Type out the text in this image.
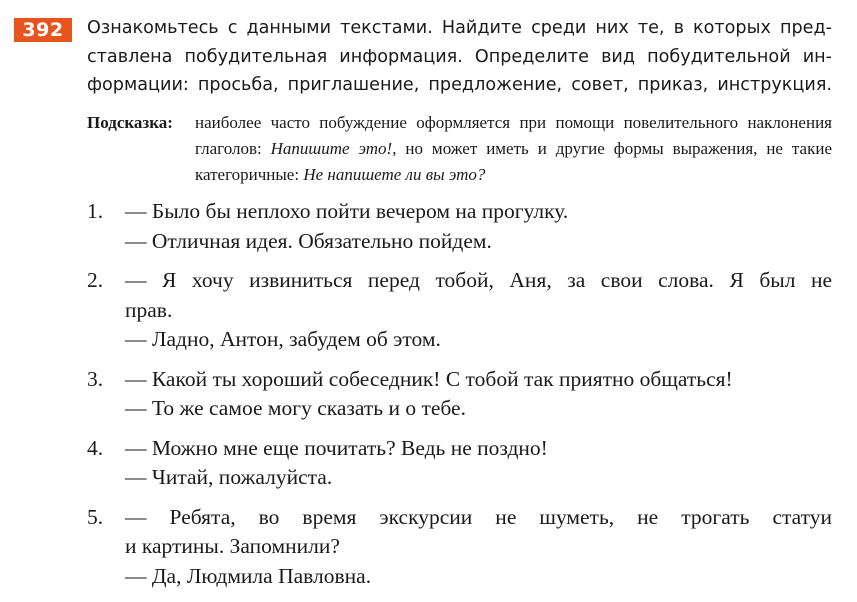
392	Ознакомьтесь с данными текстами. Найдите среди них те, в которых пред-
ставлена побудительная информация. Определите вид побудительной ин-
формации: просьба, приглашение, предложение, совет, приказ, инструкция.
Подсказка: наиболее часто побуждение оформляется при помощи повелительного наклонения глаголов: Напишите это!, но может иметь и другие формы выражения, не такие категоричные: Не напишете ли вы это?
1.	— Было бы неплохо пойти вечером на прогулку.
— Отличная идея. Обязательно пойдем.
2.	— Я хочу извиниться перед тобой, Аня, за свои слова. Я был не
прав.
— Ладно, Антон, забудем об этом.
3.	— Какой ты хороший собеседник! С тобой так приятно общаться!
— То же самое могу сказать и о тебе.
4.	— Можно мне еще почитать? Ведь не поздно!
— Читай, пожалуйста.
5.	— Ребята, во время экскурсии не шуметь, не трогать статуи
и картины. Запомнили?
— Да, Людмила Павловна.
